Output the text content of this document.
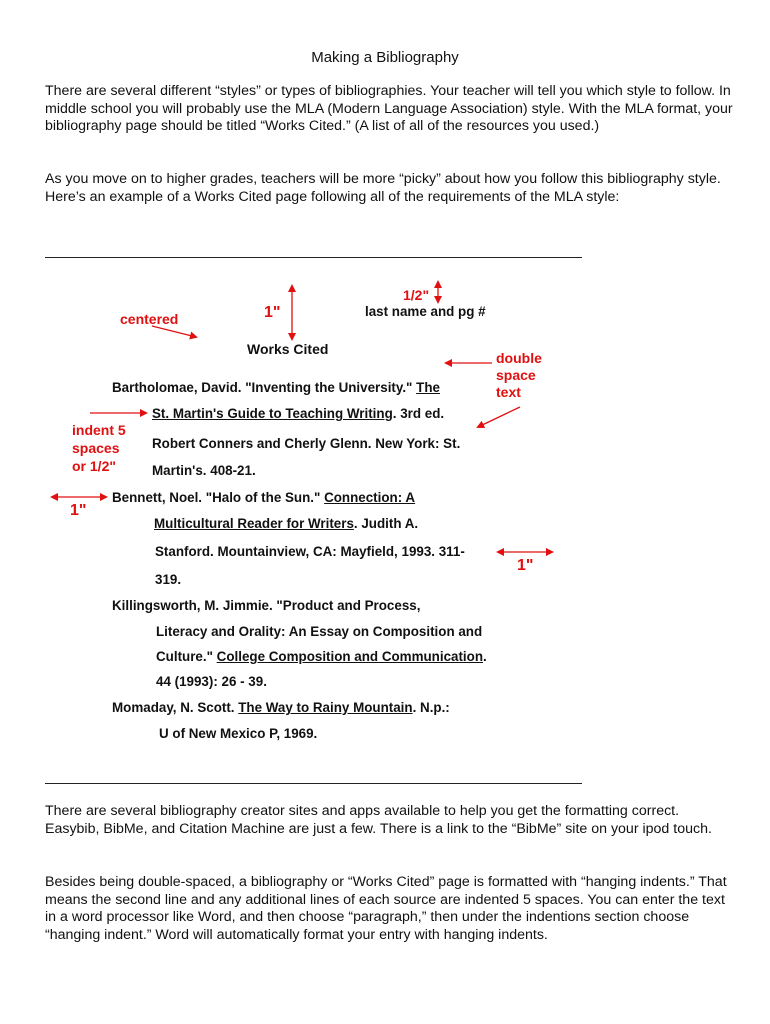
Making a Bibliography

There are several different “styles” or types of bibliographies. Your teacher will tell you which style to follow. In middle school you will probably use the MLA (Modern Language Association) style. With the MLA format, your bibliography page should be titled “Works Cited.” (A list of all of the resources you used.)

As you move on to higher grades, teachers will be more “picky” about how you follow this bibliography style. Here’s an example of a Works Cited page following all of the requirements of the MLA style:

last name and pg #
Works Cited
Bartholomae, David. "Inventing the University." The
St. Martin's Guide to Teaching Writing. 3rd ed.
Robert Conners and Cherly Glenn. New York: St.
Martin's. 408-21.
Bennett, Noel. "Halo of the Sun." Connection: A
Multicultural Reader for Writers. Judith A.
Stanford. Mountainview, CA: Mayfield, 1993. 311-
319.
Killingsworth, M. Jimmie. "Product and Process,
Literacy and Orality: An Essay on Composition and
Culture." College Composition and Communication.
44 (1993): 26 - 39.
Momaday, N. Scott. The Way to Rainy Mountain. N.p.:
U of New Mexico P, 1969.
centered	1"
1/2"
double
space
text
indent 5
spaces
or 1/2"
1"
1"

There are several bibliography creator sites and apps available to help you get the formatting correct. Easybib, BibMe, and Citation Machine are just a few. There is a link to the “BibMe” site on your ipod touch.

Besides being double-spaced, a bibliography or “Works Cited” page is formatted with “hanging indents.” That means the second line and any additional lines of each source are indented 5 spaces. You can enter the text in a word processor like Word, and then choose “paragraph,” then under the indentions section choose “hanging indent.” Word will automatically format your entry with hanging indents.
